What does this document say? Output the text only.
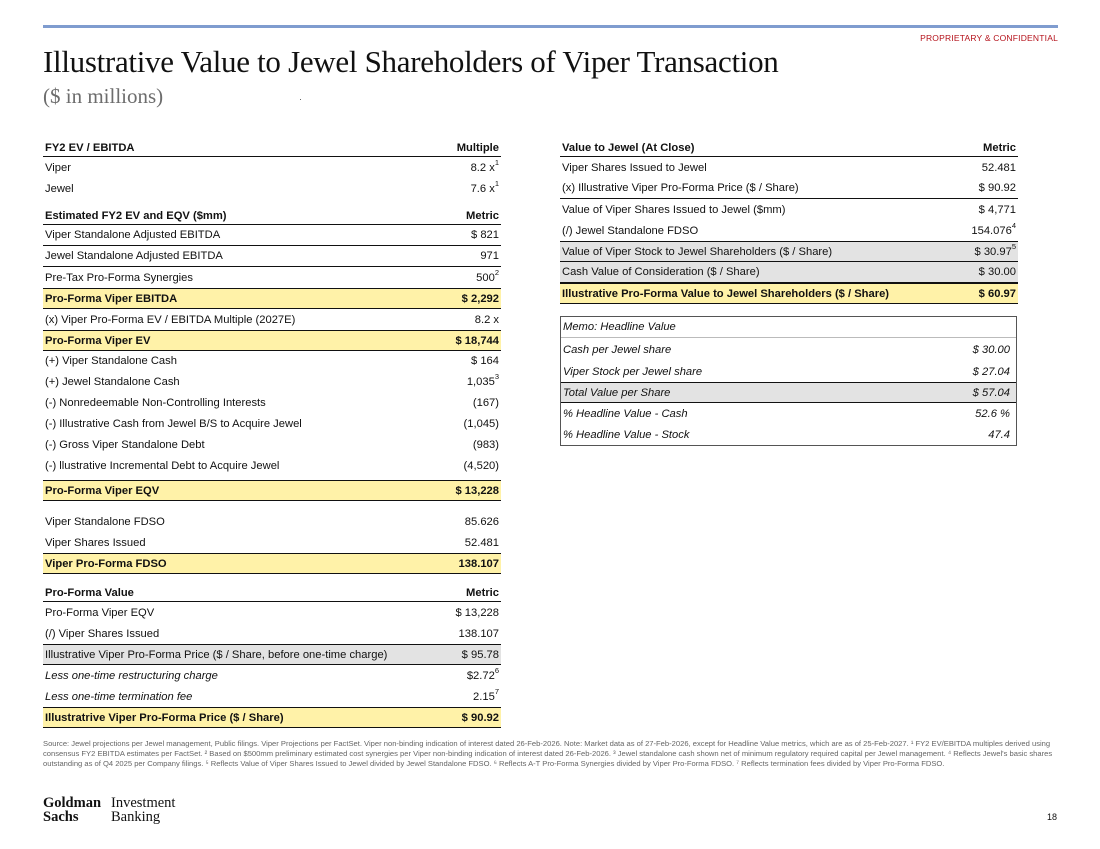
PROPRIETARY & CONFIDENTIAL
Illustrative Value to Jewel Shareholders of Viper Transaction
($ in millions)
FY2 EV / EBITDA	Multiple
Viper	8.2 $x^1$
Jewel	7.6 $x^1$
Estimated FY2 EV and EQV ($mm)	Metric
Viper Standalone Adjusted EBITDA	$ 821
Jewel Standalone Adjusted EBITDA	971
Pre-Tax Pro-Forma Synergies	$500^2$
Pro-Forma Viper EBITDA	$ 2,292
(x) Viper Pro-Forma EV / EBITDA Multiple (2027E)	8.2 x
Pro-Forma Viper EV	$ 18,744
(+) Viper Standalone Cash	$ 164
(+) Jewel Standalone Cash	1,035$^3$
(-) Nonredeemable Non-Controlling Interests	(167)
(-) Illustrative Cash from Jewel B/S to Acquire Jewel	(1,045)
(-) Gross Viper Standalone Debt	(983)
(-) llustrative Incremental Debt to Acquire Jewel	(4,520)
Pro-Forma Viper EQV	$ 13,228
Viper Standalone FDSO	85.626
Viper Shares Issued	52.481
Viper Pro-Forma FDSO	138.107
Pro-Forma Value	Metric
Pro-Forma Viper EQV	$ 13,228
(/) Viper Shares Issued	138.107
Illustrative Viper Pro-Forma Price ($ / Share, before one-time charge)	$ 95.78
Less one-time restructuring charge	$2.72$^6$
Less one-time termination fee	2.15$^7$
Illustratrive Viper Pro-Forma Price ($ / Share)	$ 90.92
Value to Jewel (At Close)	Metric
Viper Shares Issued to Jewel	52.481
(x) Illustrative Viper Pro-Forma Price ($ / Share)	$ 90.92
Value of Viper Shares Issued to Jewel ($mm)	$ 4,771
(/) Jewel Standalone FDSO	154.076$^4$
Value of Viper Stock to Jewel Shareholders ($ / Share)	$ 30.97$^5$
Cash Value of Consideration ($ / Share)	$ 30.00
Illustrative Pro-Forma Value to Jewel Shareholders ($ / Share)	$ 60.97
Memo: Headline Value
Cash per Jewel share	$ 30.00
Viper Stock per Jewel share	$ 27.04
Total Value per Share	$ 57.04
% Headline Value - Cash	52.6 %
% Headline Value - Stock	47.4
Source: Jewel projections per Jewel management, Public filings. Viper Projections per FactSet. Viper non-binding indication of interest dated 26-Feb-2026. Note: Market data as of 27-Feb-2026, except for Headline Value metrics, which are as of 25-Feb-2027. ¹ FY2 EV/EBITDA multiples derived using consensus FY2 EBITDA estimates per FactSet. ² Based on $500mm preliminary estimated cost synergies per Viper non-binding indication of interest dated 26-Feb-2026. ³ Jewel standalone cash shown net of minimum regulatory required capital per Jewel management. ⁴ Reflects Jewel's basic shares outstanding as of Q4 2025 per Company filings. ⁵ Reflects Value of Viper Shares Issued to Jewel divided by Jewel Standalone FDSO. ⁶ Reflects A-T Pro-Forma Synergies divided by Viper Pro-Forma FDSO. ⁷ Reflects termination fees divided by Viper Pro-Forma FDSO.
Goldman
Sachs
Investment
Banking	18
